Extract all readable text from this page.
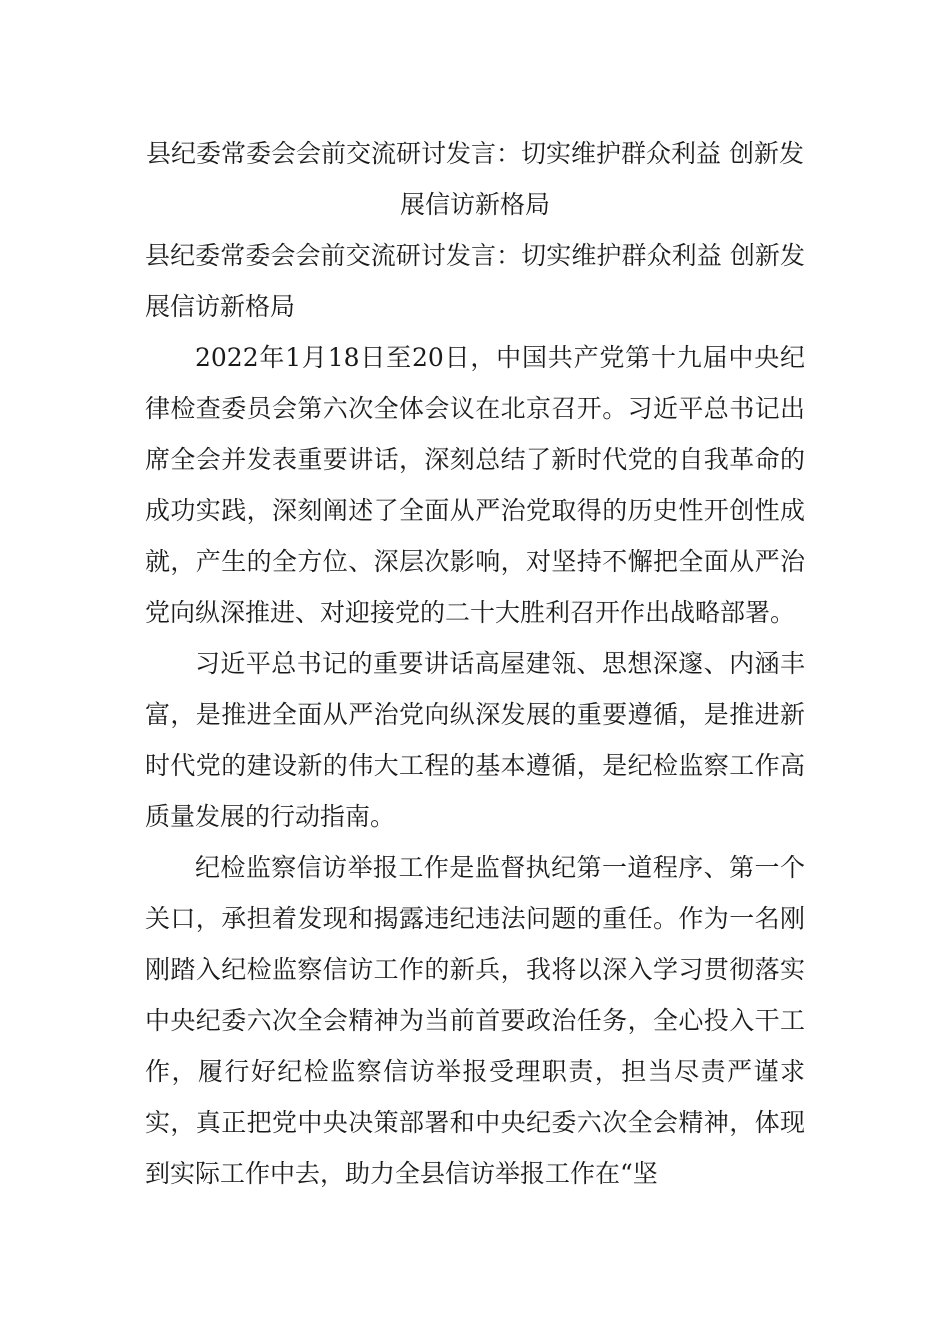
县纪委常委会会前交流研讨发言：切实维护群众利益 创新发展信访新格局

县纪委常委会会前交流研讨发言：切实维护群众利益 创新发展信访新格局

2022年1月18日至20日，中国共产党第十九届中央纪律检查委员会第六次全体会议在北京召开。习近平总书记出席全会并发表重要讲话，深刻总结了新时代党的自我革命的成功实践，深刻阐述了全面从严治党取得的历史性开创性成就，产生的全方位、深层次影响，对坚持不懈把全面从严治党向纵深推进、对迎接党的二十大胜利召开作出战略部署。

习近平总书记的重要讲话高屋建瓴、思想深邃、内涵丰富，是推进全面从严治党向纵深发展的重要遵循，是推进新时代党的建设新的伟大工程的基本遵循，是纪检监察工作高质量发展的行动指南。

纪检监察信访举报工作是监督执纪第一道程序、第一个关口，承担着发现和揭露违纪违法问题的重任。作为一名刚刚踏入纪检监察信访工作的新兵，我将以深入学习贯彻落实中央纪委六次全会精神为当前首要政治任务，全心投入干工作，履行好纪检监察信访举报受理职责，担当尽责严谨求实，真正把党中央决策部署和中央纪委六次全会精神，体现到实际工作中去，助力全县信访举报工作在“坚
